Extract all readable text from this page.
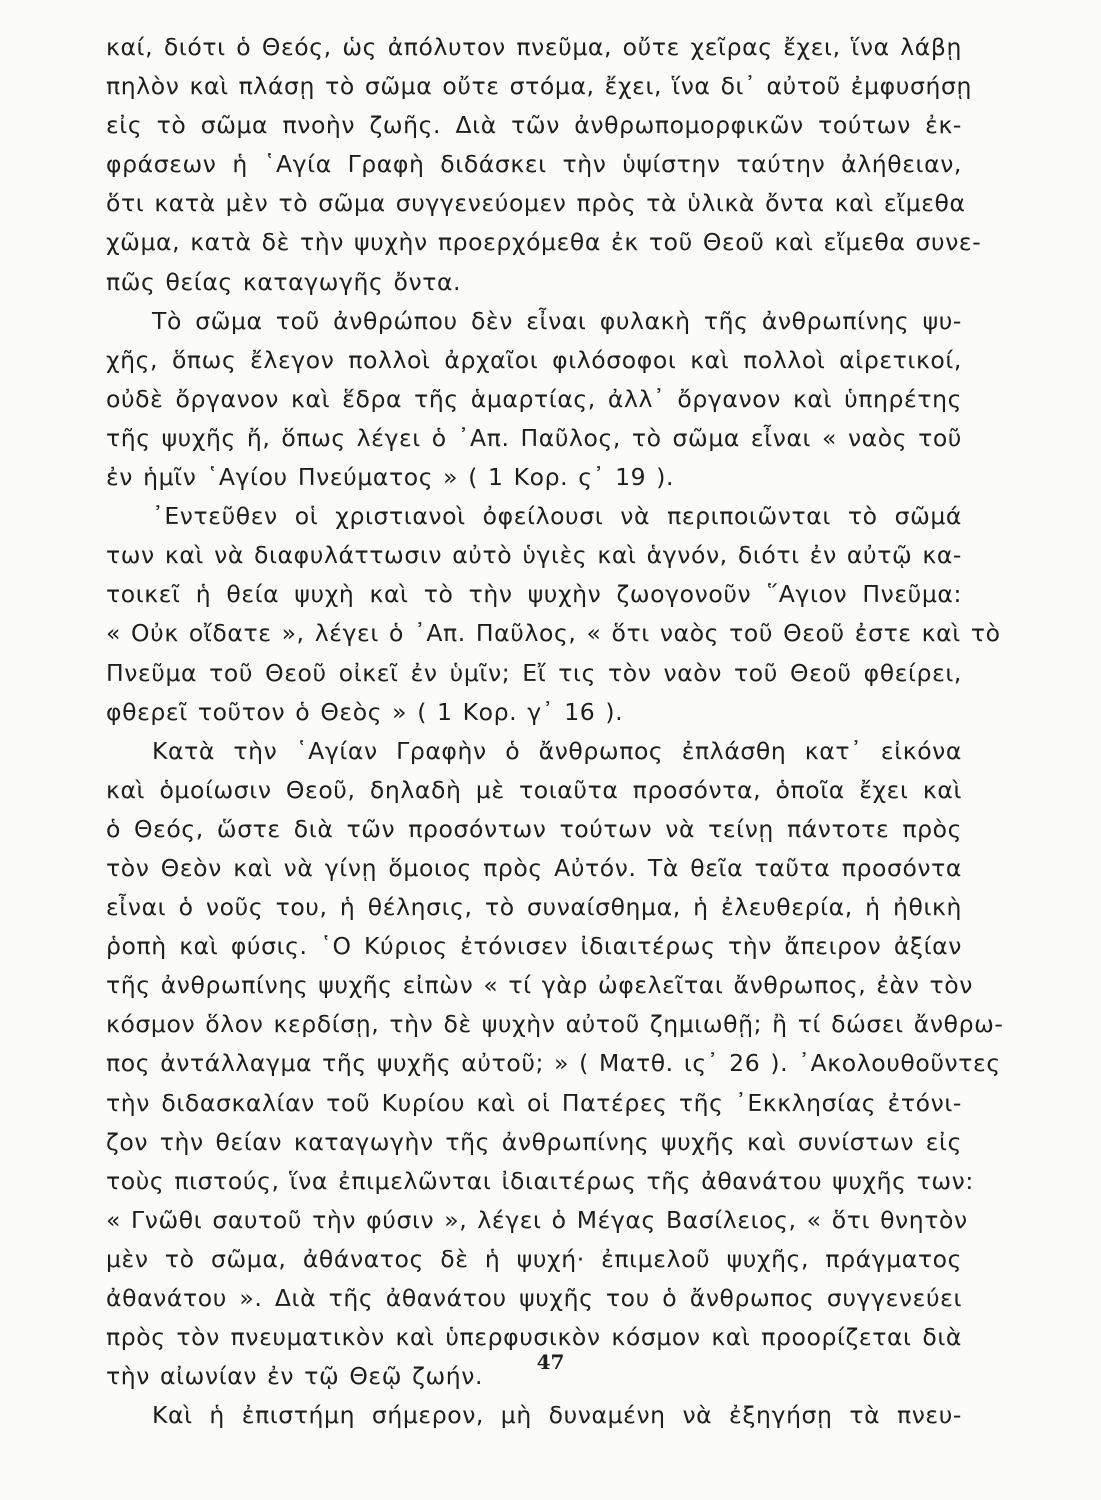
καί, διότι ὁ Θεός, ὡς ἀπόλυτον πνεῦμα, οὔτε χεῖρας ἔχει, ἵνα λάβῃ
πηλὸν καὶ πλάσῃ τὸ σῶμα οὔτε στόμα, ἔχει, ἵνα δι᾿ αὐτοῦ ἐμφυσήσῃ
εἰς τὸ σῶμα πνοὴν ζωῆς. Διὰ τῶν ἀνθρωπομορφικῶν τούτων ἐκ-
φράσεων ἡ ῾Αγία Γραφὴ διδάσκει τὴν ὑψίστην ταύτην ἀλήθειαν,
ὅτι κατὰ μὲν τὸ σῶμα συγγενεύομεν πρὸς τὰ ὑλικὰ ὄντα καὶ εἴμεθα
χῶμα, κατὰ δὲ τὴν ψυχὴν προερχόμεθα ἐκ τοῦ Θεοῦ καὶ εἴμεθα συνε-
πῶς θείας καταγωγῆς ὄντα.
Τὸ σῶμα τοῦ ἀνθρώπου δὲν εἶναι φυλακὴ τῆς ἀνθρωπίνης ψυ-
χῆς, ὅπως ἔλεγον πολλοὶ ἀρχαῖοι φιλόσοφοι καὶ πολλοὶ αἱρετικοί,
οὐδὲ ὄργανον καὶ ἕδρα τῆς ἁμαρτίας, ἀλλ᾿ ὄργανον καὶ ὑπηρέτης
τῆς ψυχῆς ἤ, ὅπως λέγει ὁ ᾿Απ. Παῦλος, τὸ σῶμα εἶναι « ναὸς τοῦ
ἐν ἡμῖν ῾Αγίου Πνεύματος » ( 1 Κορ. ς᾿ 19 ).
᾿Εντεῦθεν οἱ χριστιανοὶ ὀφείλουσι νὰ περιποιῶνται τὸ σῶμά
των καὶ νὰ διαφυλάττωσιν αὐτὸ ὑγιὲς καὶ ἁγνόν, διότι ἐν αὐτῷ κα-
τοικεῖ ἡ θεία ψυχὴ καὶ τὸ τὴν ψυχὴν ζωογονοῦν ῞Αγιον Πνεῦμα:
« Οὐκ οἴδατε », λέγει ὁ ᾿Απ. Παῦλος, « ὅτι ναὸς τοῦ Θεοῦ ἐστε καὶ τὸ
Πνεῦμα τοῦ Θεοῦ οἰκεῖ ἐν ὑμῖν; Εἴ τις τὸν ναὸν τοῦ Θεοῦ φθείρει,
φθερεῖ τοῦτον ὁ Θεὸς » ( 1 Κορ. γ᾿ 16 ).
Κατὰ τὴν ῾Αγίαν Γραφὴν ὁ ἄνθρωπος ἐπλάσθη κατ᾿ εἰκόνα
καὶ ὁμοίωσιν Θεοῦ, δηλαδὴ μὲ τοιαῦτα προσόντα, ὁποῖα ἔχει καὶ
ὁ Θεός, ὥστε διὰ τῶν προσόντων τούτων νὰ τείνῃ πάντοτε πρὸς
τὸν Θεὸν καὶ νὰ γίνῃ ὅμοιος πρὸς Αὐτόν. Τὰ θεῖα ταῦτα προσόντα
εἶναι ὁ νοῦς του, ἡ θέλησις, τὸ συναίσθημα, ἡ ἐλευθερία, ἡ ἠθικὴ
ῥοπὴ καὶ φύσις. ῾Ο Κύριος ἐτόνισεν ἰδιαιτέρως τὴν ἄπειρον ἀξίαν
τῆς ἀνθρωπίνης ψυχῆς εἰπὼν « τί γὰρ ὠφελεῖται ἄνθρωπος, ἐὰν τὸν
κόσμον ὅλον κερδίσῃ, τὴν δὲ ψυχὴν αὐτοῦ ζημιωθῇ; ἢ τί δώσει ἄνθρω-
πος ἀντάλλαγμα τῆς ψυχῆς αὐτοῦ; » ( Ματθ. ις᾿ 26 ). ᾿Ακολουθοῦντες
τὴν διδασκαλίαν τοῦ Κυρίου καὶ οἱ Πατέρες τῆς ᾿Εκκλησίας ἐτόνι-
ζον τὴν θείαν καταγωγὴν τῆς ἀνθρωπίνης ψυχῆς καὶ συνίστων εἰς
τοὺς πιστούς, ἵνα ἐπιμελῶνται ἰδιαιτέρως τῆς ἀθανάτου ψυχῆς των:
« Γνῶθι σαυτοῦ τὴν φύσιν », λέγει ὁ Μέγας Βασίλειος, « ὅτι θνητὸν
μὲν τὸ σῶμα, ἀθάνατος δὲ ἡ ψυχή· ἐπιμελοῦ ψυχῆς, πράγματος
ἀθανάτου ». Διὰ τῆς ἀθανάτου ψυχῆς του ὁ ἄνθρωπος συγγενεύει
πρὸς τὸν πνευματικὸν καὶ ὑπερφυσικὸν κόσμον καὶ προορίζεται διὰ
τὴν αἰωνίαν ἐν τῷ Θεῷ ζωήν.
Καὶ ἡ ἐπιστήμη σήμερον, μὴ δυναμένη νὰ ἐξηγήσῃ τὰ πνευ-
47
